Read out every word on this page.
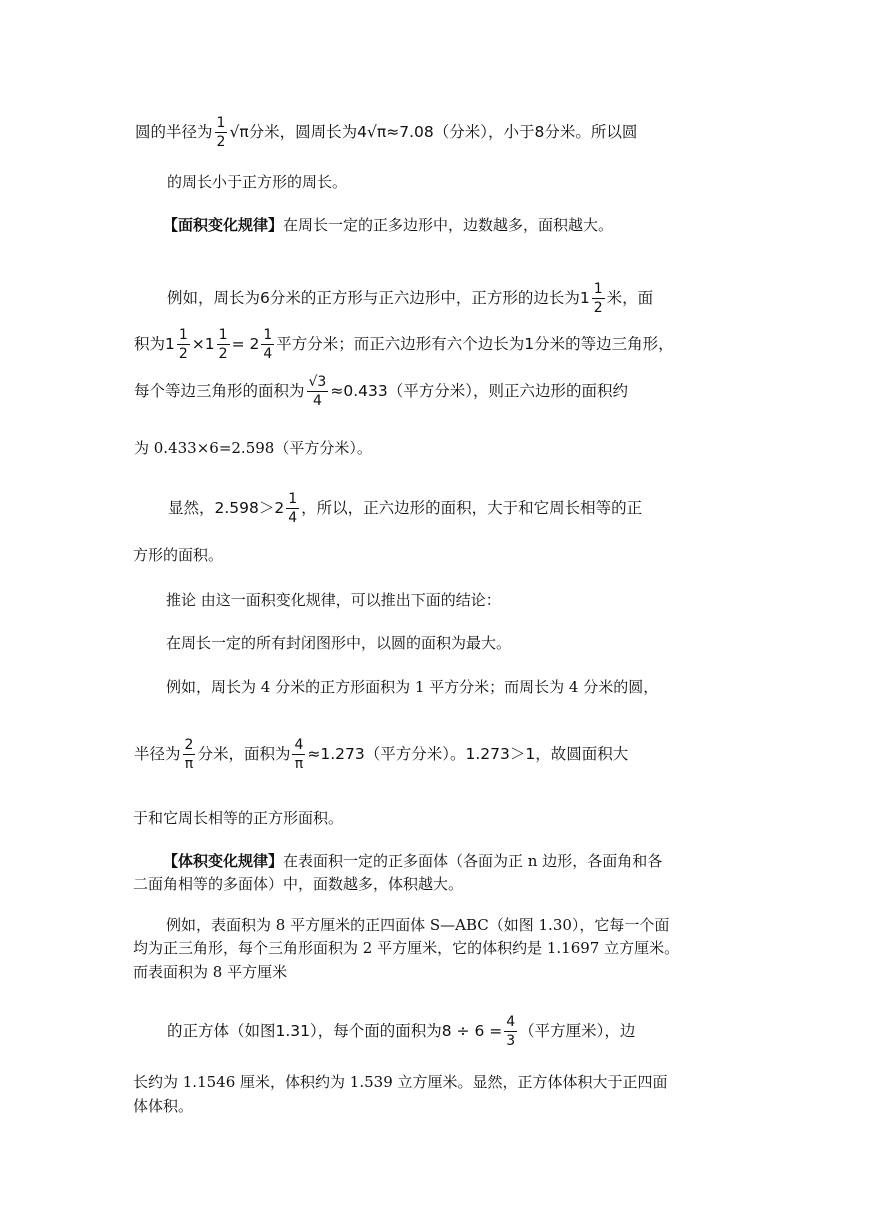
圆的半径为 $\frac{1}{2} √\pi$分米，圆周长为4√π≈7.08（分米），小于8分米。所以圆
的周长小于正方形的周长。
【面积变化规律】在周长一定的正多边形中，边数越多，面积越大。
例如，周长为6分米的正方形与正六边形中，正方形的边长为$1 \frac{1}{2}$ 米，面
积为$1 \frac{1}{2} \times 1 \frac{1}{2} = 2 \frac{1}{4}$ 平方分米；而正六边形有六个边长为1分米的等边三角形，
每个等边三角形的面积为 $\frac{√3}{4} \approx 0.433$（平方分米），则正六边形的面积约
为 0.433×6=2.598（平方分米）。
显然，$2.598>2 \frac{1}{4}$ ，所以，正六边形的面积，大于和它周长相等的正
方形的面积。
推论 由这一面积变化规律，可以推出下面的结论：
在周长一定的所有封闭图形中，以圆的面积为最大。
例如，周长为 4 分米的正方形面积为 1 平方分米；而周长为 4 分米的圆，
半径为 $\frac{2}{\pi}$ 分米，面积为 $\frac{4}{\pi} \approx 1.273$（平方分米）。1.273＞1，故圆面积大
于和它周长相等的正方形面积。
【体积变化规律】在表面积一定的正多面体（各面为正 n 边形，各面角和各
二面角相等的多面体）中，面数越多，体积越大。
例如，表面积为 8 平方厘米的正四面体 S—ABC（如图 1.30），它每一个面
均为正三角形，每个三角形面积为 2 平方厘米，它的体积约是 1.1697 立方厘米。
而表面积为 8 平方厘米
的正方体（如图1.31），每个面的面积为$8 \div 6 = \frac{4}{3}$ （平方厘米），边
长约为 1.1546 厘米，体积约为 1.539 立方厘米。显然，正方体体积大于正四面
体体积。
